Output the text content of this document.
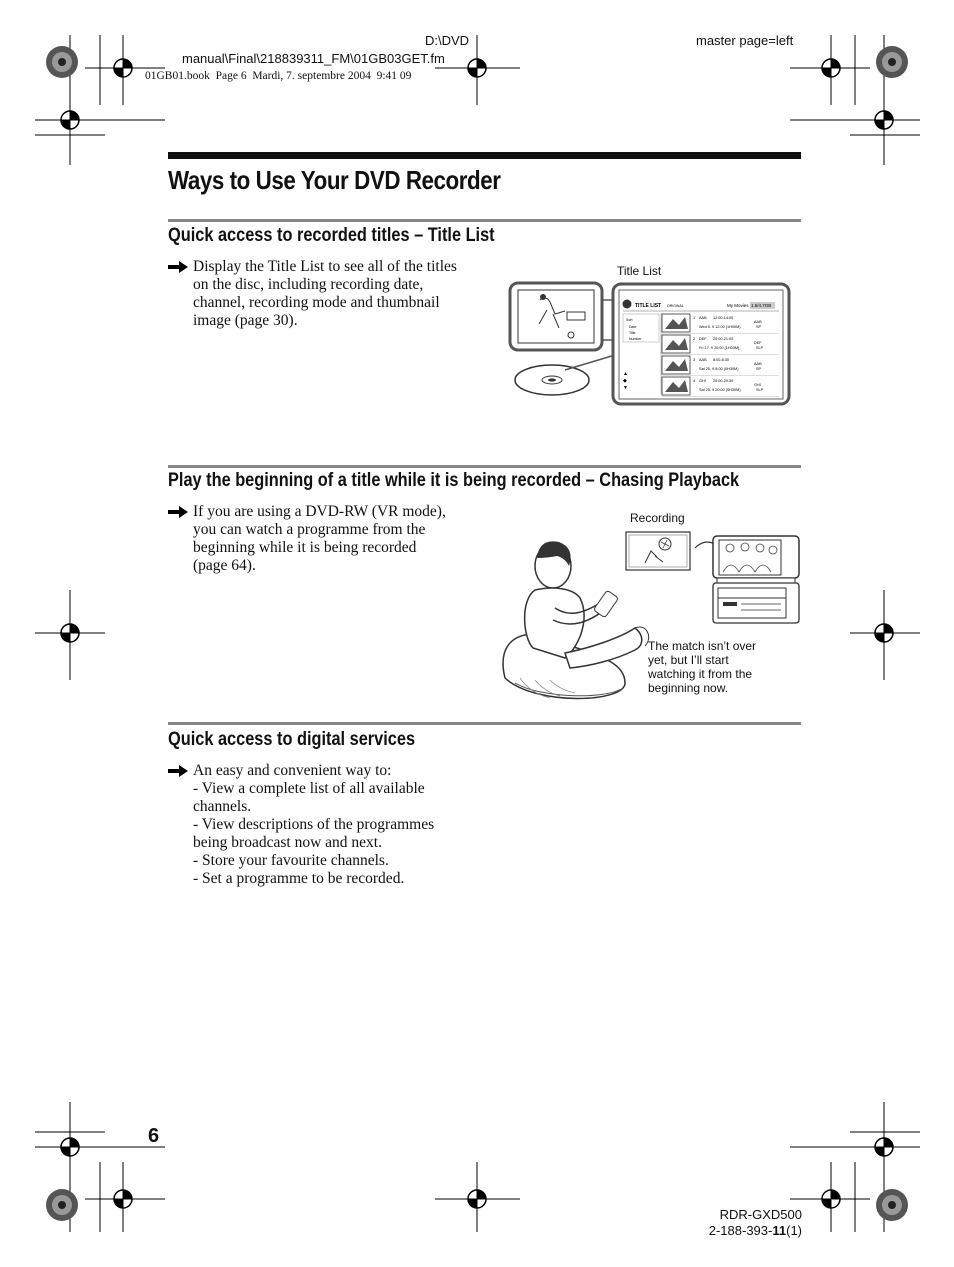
D:\DVD
manual\Final\218839311_FM\01GB03GET.fm
01GB01.book  Page 6  Mardi, 7. septembre 2004  9:41 09
master page=left
Ways to Use Your DVD Recorder
Quick access to recorded titles – Title List
Display the Title List to see all of the titles
on the disc, including recording date,
channel, recording mode and thumbnail
image (page 30).
Title List
TITLE LIST ORIGINAL	My Movies 1.5/4.7GB
Sort
Date
Title
Number
1 AAB 12:00-14:00
Wed 5. 9 12:00 (1H00M)
AAB
SP
2 DEF 20:00-21:00
Fri 17. 9 20:00 (1H00M)
DEF
SLP
3 AAB 8:00-8:30
Sat 25. 9 8:00 (0H30M)
AAB
SP
4 GHI 20:00-20:30
Sat 25. 9 20:00 (0H30M)
GHI
SLP
▲
◆
▼
Play the beginning of a title while it is being recorded – Chasing Playback
If you are using a DVD-RW (VR mode),
you can watch a programme from the
beginning while it is being recorded
(page 64).
Recording
The match isn’t over
yet, but I’ll start
watching it from the
beginning now.
Quick access to digital services
An easy and convenient way to:
- View a complete list of all available
channels.
- View descriptions of the programmes
being broadcast now and next.
- Store your favourite channels.
- Set a programme to be recorded.
6
RDR-GXD500
2-188-393-11(1)
